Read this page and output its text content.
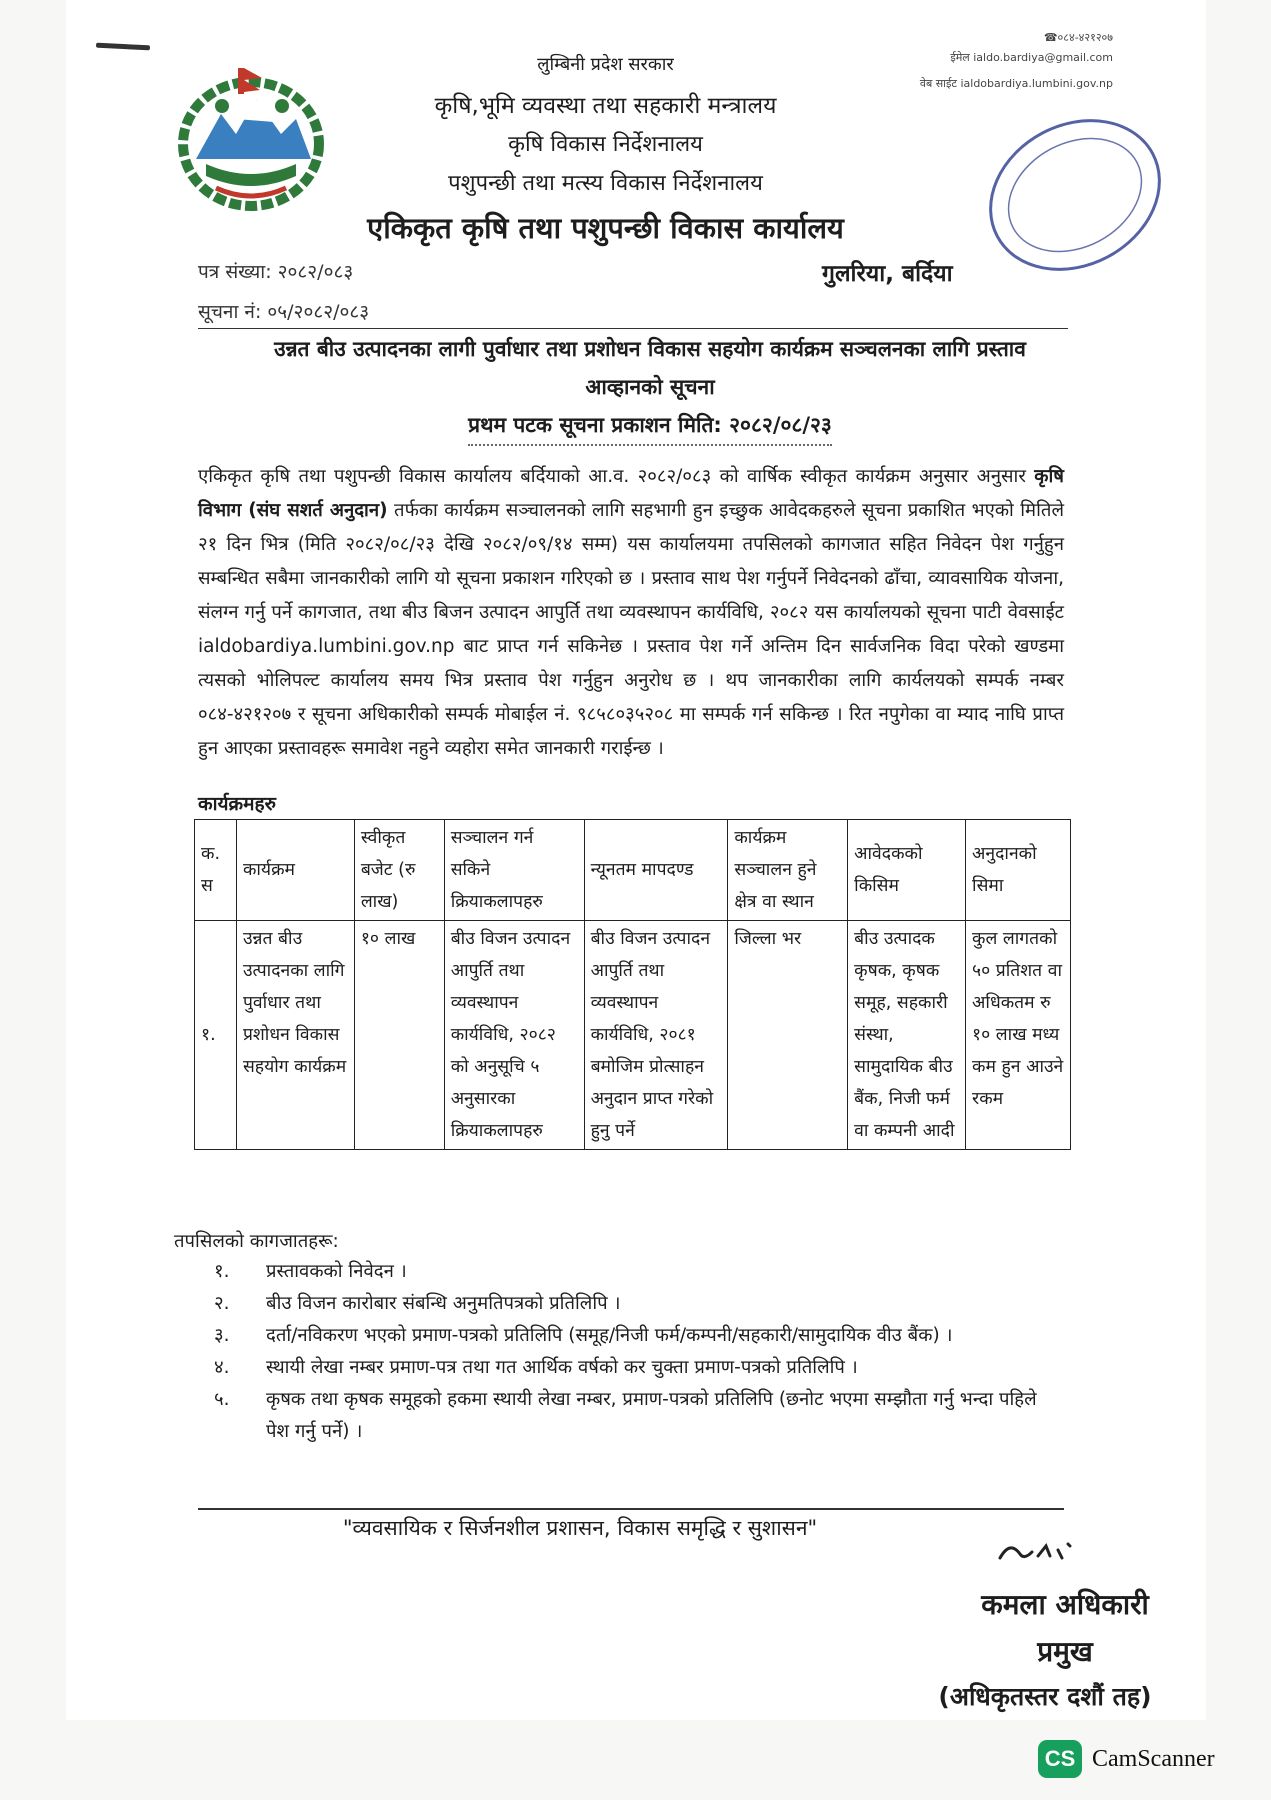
लुम्बिनी प्रदेश सरकार
कृषि,भूमि व्यवस्था तथा सहकारी मन्त्रालय
कृषि विकास निर्देशनालय
पशुपन्छी तथा मत्स्य विकास निर्देशनालय
एकिकृत कृषि तथा पशुपन्छी विकास कार्यालय
☎०८४-४२१२०७
ईमेल ialdo.bardiya@gmail.com
वेब साईट ialdobardiya.lumbini.gov.np
पत्र संख्या: २०८२/०८३
सूचना नं: ०५/२०८२/०८३
गुलरिया, बर्दिया
उन्नत बीउ उत्पादनका लागी पुर्वाधार तथा प्रशोधन विकास सहयोग कार्यक्रम सञ्चलनका लागि प्रस्ताव
आव्हानको सूचना
प्रथम पटक सूचना प्रकाशन मिति: २०८२/०८/२३
एकिकृत कृषि तथा पशुपन्छी विकास कार्यालय बर्दियाको आ.व. २०८२/०८३ को वार्षिक स्वीकृत कार्यक्रम अनुसार अनुसार कृषि विभाग (संघ सशर्त अनुदान) तर्फका कार्यक्रम सञ्चालनको लागि सहभागी हुन इच्छुक आवेदकहरुले सूचना प्रकाशित भएको मितिले २१ दिन भित्र (मिति २०८२/०८/२३ देखि २०८२/०९/१४ सम्म) यस कार्यालयमा तपसिलको कागजात सहित निवेदन पेश गर्नुहुन सम्बन्धित सबैमा जानकारीको लागि यो सूचना प्रकाशन गरिएको छ । प्रस्ताव साथ पेश गर्नुपर्ने निवेदनको ढाँचा, व्यावसायिक योजना, संलग्न गर्नु पर्ने कागजात, तथा बीउ बिजन उत्पादन आपुर्ति तथा व्यवस्थापन कार्यविधि, २०८२ यस कार्यालयको सूचना पाटी वेवसाईट ialdobardiya.lumbini.gov.np बाट प्राप्त गर्न सकिनेछ । प्रस्ताव पेश गर्ने अन्तिम दिन सार्वजनिक विदा परेको खण्डमा त्यसको भोलिपल्ट कार्यालय समय भित्र प्रस्ताव पेश गर्नुहुन अनुरोध छ । थप जानकारीका लागि कार्यलयको सम्पर्क नम्बर ०८४-४२१२०७ र सूचना अधिकारीको सम्पर्क मोबाईल नं. ९८५८०३५२०८ मा सम्पर्क गर्न सकिन्छ । रित नपुगेका वा म्याद नाघि प्राप्त हुन आएका प्रस्तावहरू समावेश नहुने व्यहोरा समेत जानकारी गराईन्छ ।
कार्यक्रमहरु
क. स	कार्यक्रम	स्वीकृत बजेट (रु लाख)	सञ्चालन गर्न सकिने क्रियाकलापहरु	न्यूनतम मापदण्ड	कार्यक्रम सञ्चालन हुने क्षेत्र वा स्थान	आवेदकको किसिम	अनुदानको सिमा
१.	उन्नत बीउ उत्पादनका लागि पुर्वाधार तथा प्रशोधन विकास सहयोग कार्यक्रम	१० लाख	बीउ विजन उत्पादन आपुर्ति तथा व्यवस्थापन कार्यविधि, २०८२ को अनुसूचि ५ अनुसारका क्रियाकलापहरु	बीउ विजन उत्पादन आपुर्ति तथा व्यवस्थापन कार्यविधि, २०८१ बमोजिम प्रोत्साहन अनुदान प्राप्त गरेको हुनु पर्ने	जिल्ला भर	बीउ उत्पादक कृषक, कृषक समूह, सहकारी संस्था, सामुदायिक बीउ बैंक, निजी फर्म वा कम्पनी आदी	कुल लागतको ५० प्रतिशत वा अधिकतम रु १० लाख मध्य कम हुन आउने रकम
तपसिलको कागजातहरू:
१. प्रस्तावकको निवेदन ।
२. बीउ विजन कारोबार संबन्धि अनुमतिपत्रको प्रतिलिपि ।
३. दर्ता/नविकरण भएको प्रमाण-पत्रको प्रतिलिपि (समूह/निजी फर्म/कम्पनी/सहकारी/सामुदायिक वीउ बैंक) ।
४. स्थायी लेखा नम्बर प्रमाण-पत्र तथा गत आर्थिक वर्षको कर चुक्ता प्रमाण-पत्रको प्रतिलिपि ।
५. कृषक तथा कृषक समूहको हकमा स्थायी लेखा नम्बर, प्रमाण-पत्रको प्रतिलिपि (छनोट भएमा सम्झौता गर्नु भन्दा पहिले पेश गर्नु पर्ने) ।
"व्यवसायिक र सिर्जनशील प्रशासन, विकास समृद्धि र सुशासन"
कमला अधिकारी
प्रमुख
(अधिकृतस्तर दशौं तह)
CS CamScanner
